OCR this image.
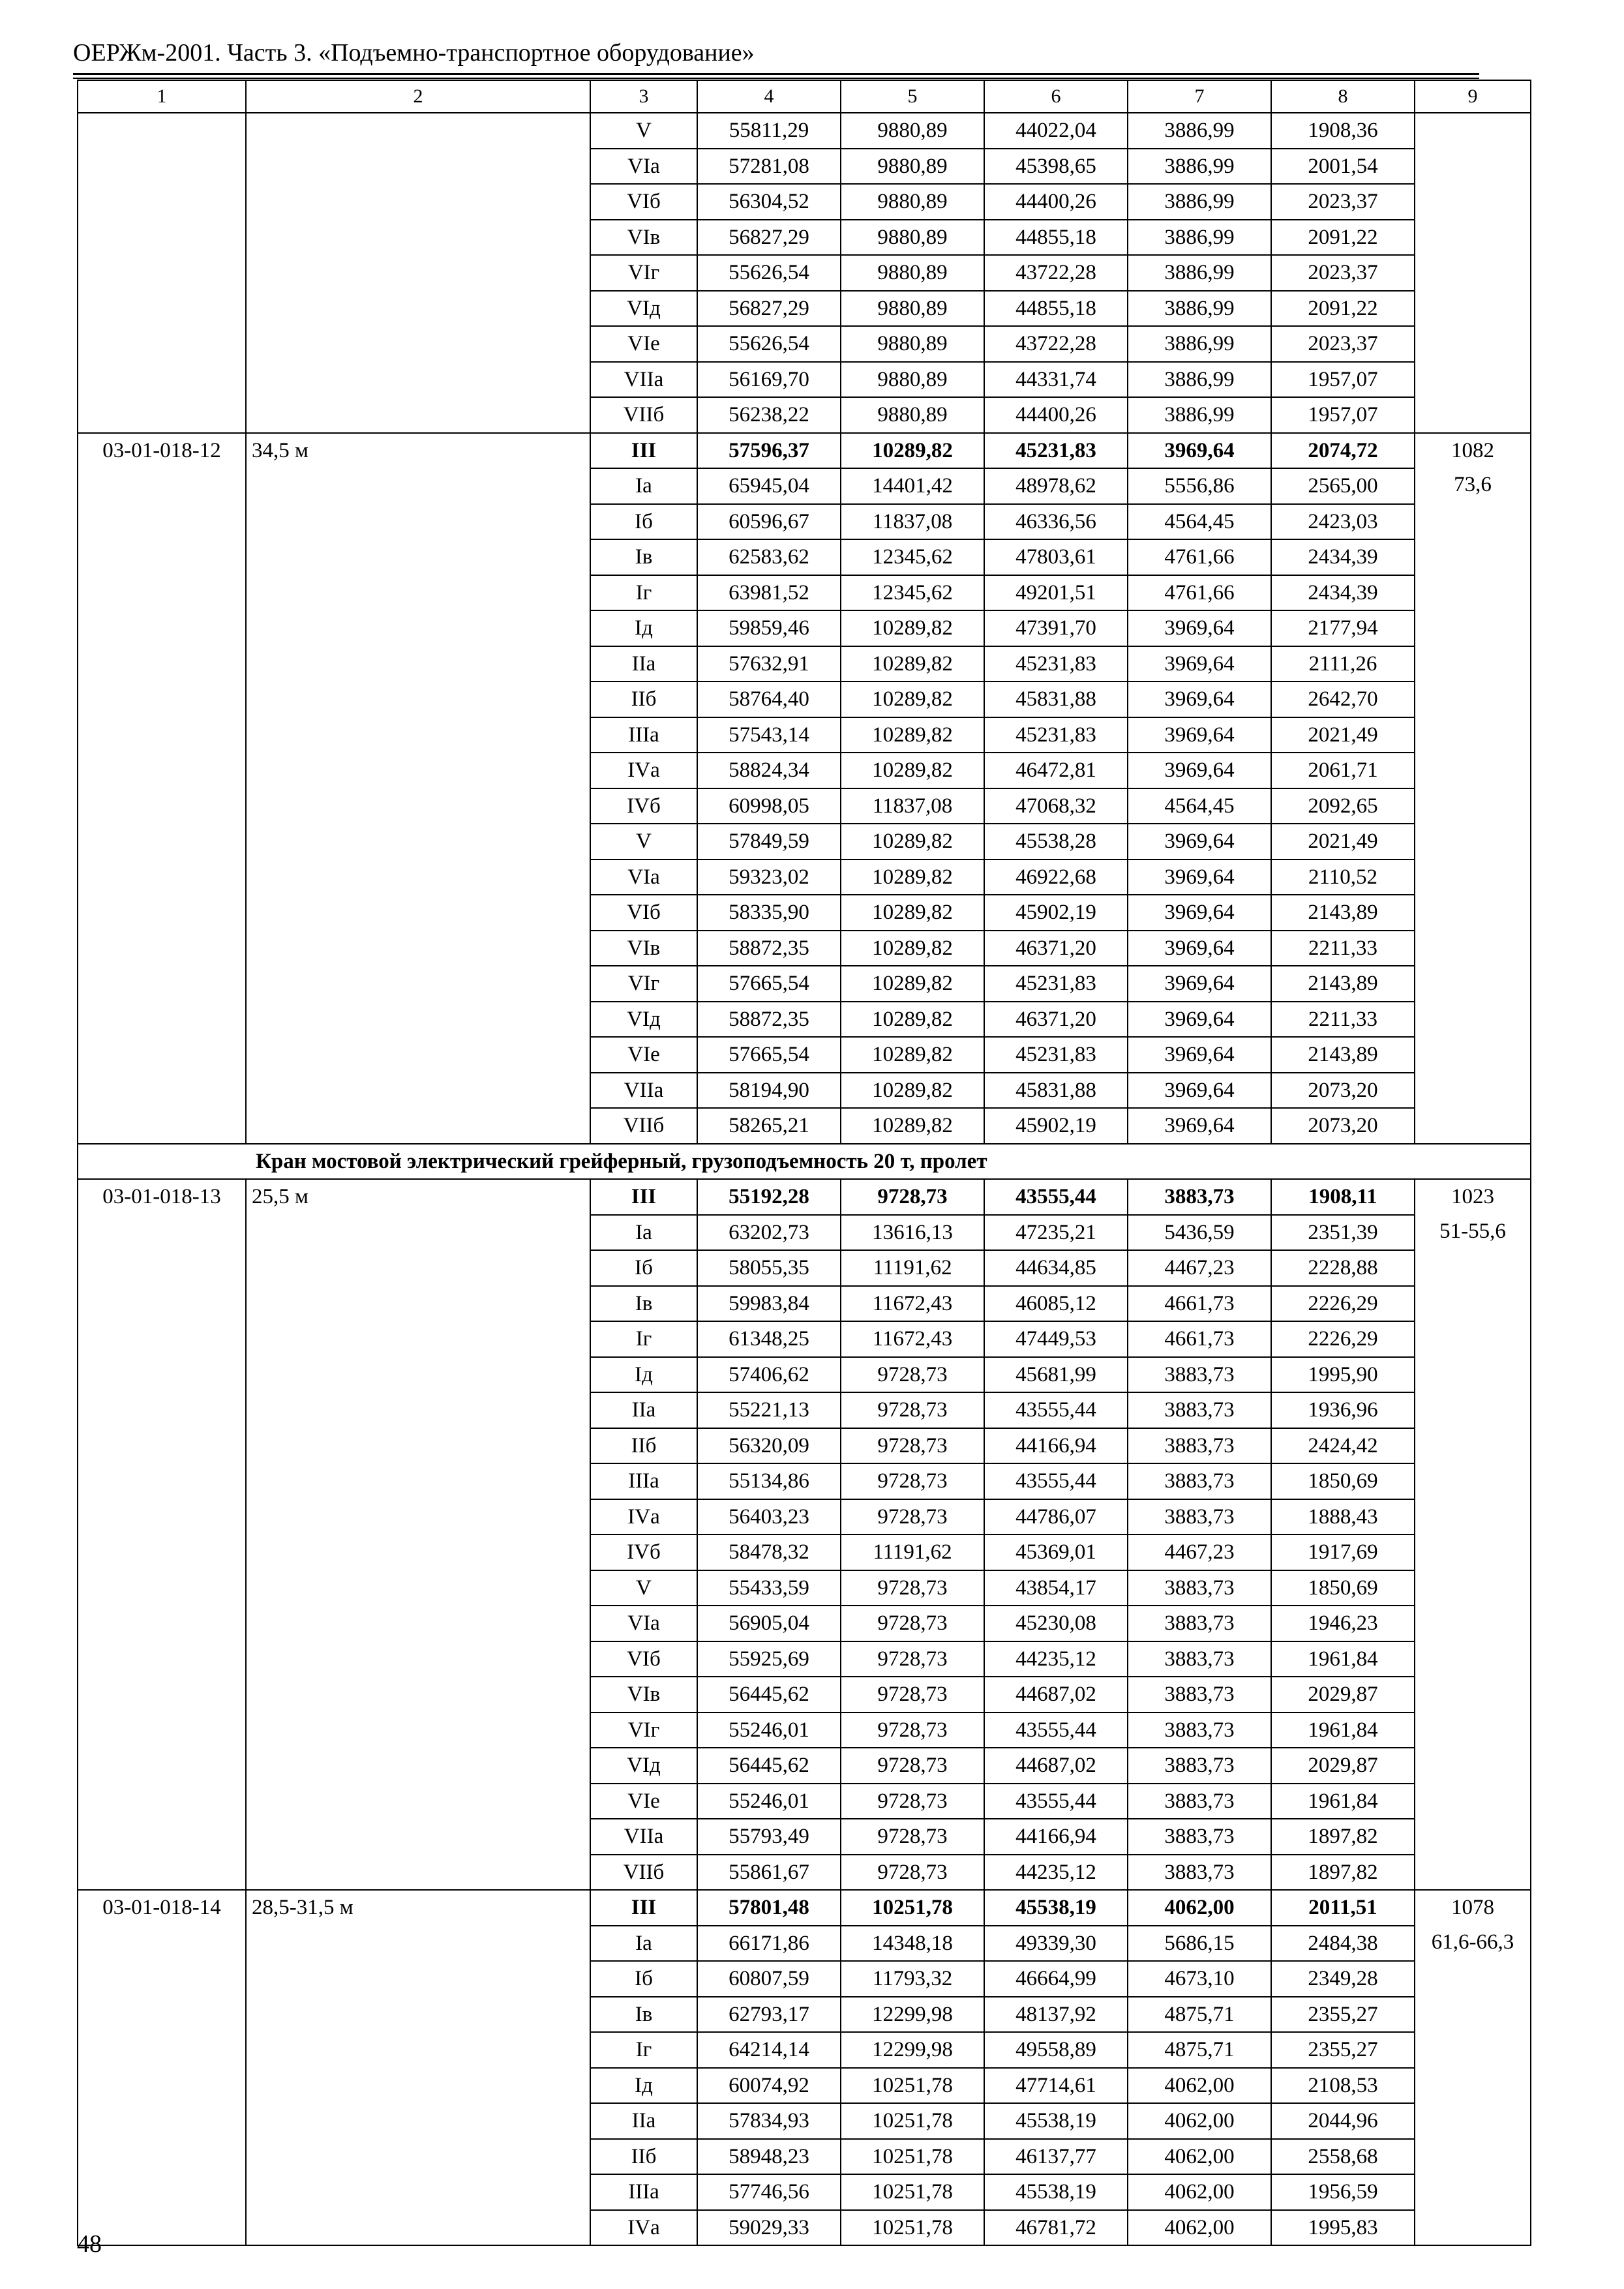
ОЕРЖм-2001. Часть 3. «Подъемно-транспортное оборудование»
1	2	3	4	5	6	7	8	9

	V	55811,29	9880,89	44022,04	3886,99	1908,36	
		VIа	57281,08	9880,89	45398,65	3886,99	2001,54	
		VIб	56304,52	9880,89	44400,26	3886,99	2023,37	
		VIв	56827,29	9880,89	44855,18	3886,99	2091,22	
		VIг	55626,54	9880,89	43722,28	3886,99	2023,37	
		VIд	56827,29	9880,89	44855,18	3886,99	2091,22	
		VIе	55626,54	9880,89	43722,28	3886,99	2023,37	
		VIIа	56169,70	9880,89	44331,74	3886,99	1957,07	
		VIIб	56238,22	9880,89	44400,26	3886,99	1957,07	

03-01-018-12	34,5 м	III	57596,37	10289,82	45231,83	3969,64	2074,72	1082
73,6

		Iа	65945,04	14401,42	48978,62	5556,86	2565,00	
		Iб	60596,67	11837,08	46336,56	4564,45	2423,03	
		Iв	62583,62	12345,62	47803,61	4761,66	2434,39	
		Iг	63981,52	12345,62	49201,51	4761,66	2434,39	
		Iд	59859,46	10289,82	47391,70	3969,64	2177,94	
		IIа	57632,91	10289,82	45231,83	3969,64	2111,26	
		IIб	58764,40	10289,82	45831,88	3969,64	2642,70	
		IIIа	57543,14	10289,82	45231,83	3969,64	2021,49	
		IVа	58824,34	10289,82	46472,81	3969,64	2061,71	
		IVб	60998,05	11837,08	47068,32	4564,45	2092,65	
		V	57849,59	10289,82	45538,28	3969,64	2021,49	
		VIа	59323,02	10289,82	46922,68	3969,64	2110,52	
		VIб	58335,90	10289,82	45902,19	3969,64	2143,89	
		VIв	58872,35	10289,82	46371,20	3969,64	2211,33	
		VIг	57665,54	10289,82	45231,83	3969,64	2143,89	
		VIд	58872,35	10289,82	46371,20	3969,64	2211,33	
		VIе	57665,54	10289,82	45231,83	3969,64	2143,89	
		VIIа	58194,90	10289,82	45831,88	3969,64	2073,20	
		VIIб	58265,21	10289,82	45902,19	3969,64	2073,20	
Кран мостовой электрический грейферный, грузоподъемность 20 т, пролет								

03-01-018-13	25,5 м	III	55192,28	9728,73	43555,44	3883,73	1908,11	1023
51-55,6

		Iа	63202,73	13616,13	47235,21	5436,59	2351,39	
		Iб	58055,35	11191,62	44634,85	4467,23	2228,88	
		Iв	59983,84	11672,43	46085,12	4661,73	2226,29	
		Iг	61348,25	11672,43	47449,53	4661,73	2226,29	
		Iд	57406,62	9728,73	45681,99	3883,73	1995,90	
		IIа	55221,13	9728,73	43555,44	3883,73	1936,96	
		IIб	56320,09	9728,73	44166,94	3883,73	2424,42	
		IIIа	55134,86	9728,73	43555,44	3883,73	1850,69	
		IVа	56403,23	9728,73	44786,07	3883,73	1888,43	
		IVб	58478,32	11191,62	45369,01	4467,23	1917,69	
		V	55433,59	9728,73	43854,17	3883,73	1850,69	
		VIа	56905,04	9728,73	45230,08	3883,73	1946,23	
		VIб	55925,69	9728,73	44235,12	3883,73	1961,84	
		VIв	56445,62	9728,73	44687,02	3883,73	2029,87	
		VIг	55246,01	9728,73	43555,44	3883,73	1961,84	
		VIд	56445,62	9728,73	44687,02	3883,73	2029,87	
		VIе	55246,01	9728,73	43555,44	3883,73	1961,84	
		VIIа	55793,49	9728,73	44166,94	3883,73	1897,82	
		VIIб	55861,67	9728,73	44235,12	3883,73	1897,82	

03-01-018-14	28,5-31,5 м	III	57801,48	10251,78	45538,19	4062,00	2011,51	1078
61,6-66,3

		Iа	66171,86	14348,18	49339,30	5686,15	2484,38	
		Iб	60807,59	11793,32	46664,99	4673,10	2349,28	
		Iв	62793,17	12299,98	48137,92	4875,71	2355,27	
		Iг	64214,14	12299,98	49558,89	4875,71	2355,27	
		Iд	60074,92	10251,78	47714,61	4062,00	2108,53	
		IIа	57834,93	10251,78	45538,19	4062,00	2044,96	
		IIб	58948,23	10251,78	46137,77	4062,00	2558,68	
		IIIа	57746,56	10251,78	45538,19	4062,00	1956,59	
		IVа	59029,33	10251,78	46781,72	4062,00	1995,83	
48
